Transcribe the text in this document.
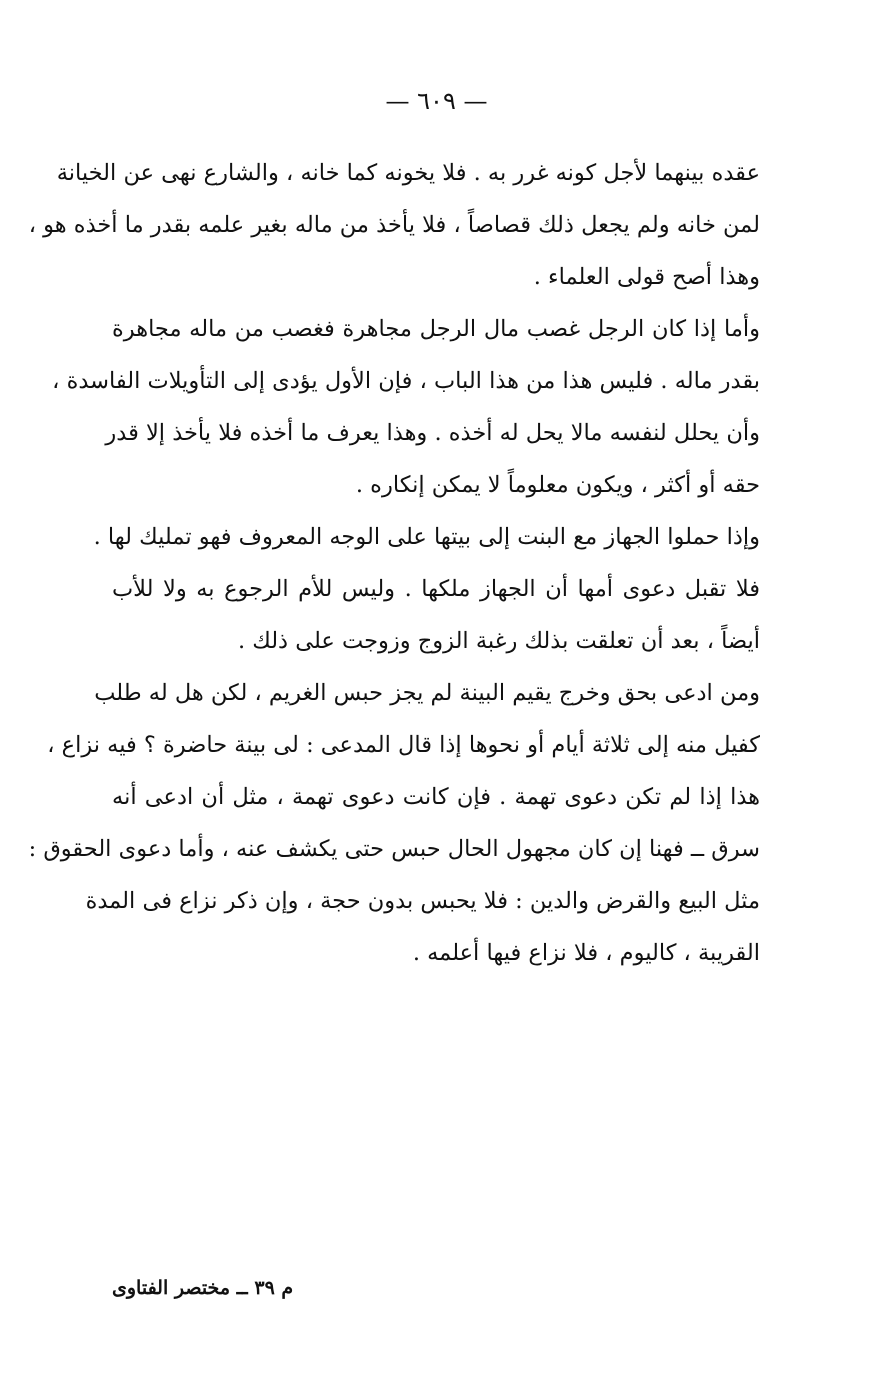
— ٦٠٩ —

عقده بينهما لأجل كونه غرر به . فلا يخونه كما خانه ، والشارع نهى عن الخيانة
لمن خانه ولم يجعل ذلك قصاصاً ، فلا يأخذ من ماله بغير علمه بقدر ما أخذه هو ،
وهذا أصح قولى العلماء .

وأما إذا كان الرجل غصب مال الرجل مجاهرة فغصب من ماله مجاهرة
بقدر ماله . فليس هذا من هذا الباب ، فإن الأول يؤدى إلى التأويلات الفاسدة ،
وأن يحلل لنفسه مالا يحل له أخذه . وهذا يعرف ما أخذه فلا يأخذ إلا قدر
حقه أو أكثر ، ويكون معلوماً لا يمكن إنكاره .

وإذا حملوا الجهاز مع البنت إلى بيتها على الوجه المعروف فهو تمليك لها .
فلا تقبل دعوى أمها أن الجهاز ملكها . وليس للأم الرجوع به ولا للأب
أيضاً ، بعد أن تعلقت بذلك رغبة الزوج وزوجت على ذلك .

ومن ادعى بحق وخرج يقيم البينة لم يجز حبس الغريم ، لكن هل له طلب
كفيل منه إلى ثلاثة أيام أو نحوها إذا قال المدعى : لى بينة حاضرة ؟ فيه نزاع ،
هذا إذا لم تكن دعوى تهمة . فإن كانت دعوى تهمة ، مثل أن ادعى أنه
سرق ــ فهنا إن كان مجهول الحال حبس حتى يكشف عنه ، وأما دعوى الحقوق :
مثل البيع والقرض والدين : فلا يحبس بدون حجة ، وإن ذكر نزاع فى المدة
القريبة ، كاليوم ، فلا نزاع فيها أعلمه .

م ٣٩ ــ مختصر الفتاوى
